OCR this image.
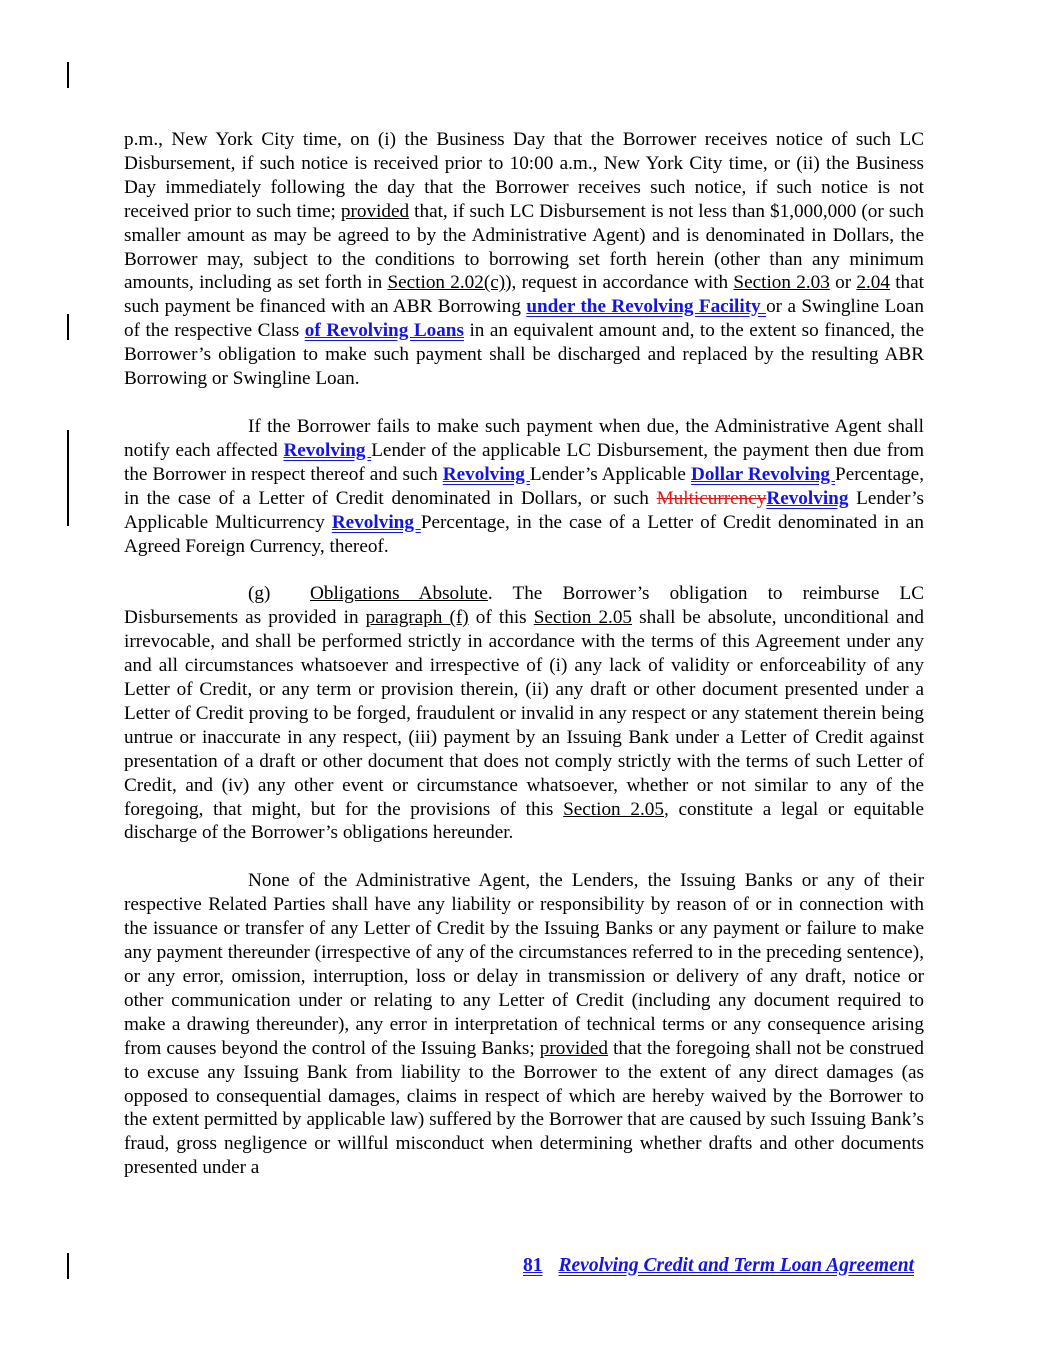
p.m., New York City time, on (i) the Business Day that the Borrower receives notice of such LC Disbursement, if such notice is received prior to 10:00 a.m., New York City time, or (ii) the Business Day immediately following the day that the Borrower receives such notice, if such notice is not received prior to such time; provided that, if such LC Disbursement is not less than $1,000,000 (or such smaller amount as may be agreed to by the Administrative Agent) and is denominated in Dollars, the Borrower may, subject to the conditions to borrowing set forth herein (other than any minimum amounts, including as set forth in Section 2.02(c)), request in accordance with Section 2.03 or 2.04 that such payment be financed with an ABR Borrowing under the Revolving Facility or a Swingline Loan of the respective Class of Revolving Loans in an equivalent amount and, to the extent so financed, the Borrower’s obligation to make such payment shall be discharged and replaced by the resulting ABR Borrowing or Swingline Loan.

If the Borrower fails to make such payment when due, the Administrative Agent shall notify each affected Revolving Lender of the applicable LC Disbursement, the payment then due from the Borrower in respect thereof and such Revolving Lender’s Applicable Dollar Revolving Percentage, in the case of a Letter of Credit denominated in Dollars, or such MulticurrencyRevolving Lender’s Applicable Multicurrency Revolving Percentage, in the case of a Letter of Credit denominated in an Agreed Foreign Currency, thereof.

(g) Obligations Absolute. The Borrower’s obligation to reimburse LC Disbursements as provided in paragraph (f) of this Section 2.05 shall be absolute, unconditional and irrevocable, and shall be performed strictly in accordance with the terms of this Agreement under any and all circumstances whatsoever and irrespective of (i) any lack of validity or enforceability of any Letter of Credit, or any term or provision therein, (ii) any draft or other document presented under a Letter of Credit proving to be forged, fraudulent or invalid in any respect or any statement therein being untrue or inaccurate in any respect, (iii) payment by an Issuing Bank under a Letter of Credit against presentation of a draft or other document that does not comply strictly with the terms of such Letter of Credit, and (iv) any other event or circumstance whatsoever, whether or not similar to any of the foregoing, that might, but for the provisions of this Section 2.05, constitute a legal or equitable discharge of the Borrower’s obligations hereunder.

None of the Administrative Agent, the Lenders, the Issuing Banks or any of their respective Related Parties shall have any liability or responsibility by reason of or in connection with the issuance or transfer of any Letter of Credit by the Issuing Banks or any payment or failure to make any payment thereunder (irrespective of any of the circumstances referred to in the preceding sentence), or any error, omission, interruption, loss or delay in transmission or delivery of any draft, notice or other communication under or relating to any Letter of Credit (including any document required to make a drawing thereunder), any error in interpretation of technical terms or any consequence arising from causes beyond the control of the Issuing Banks; provided that the foregoing shall not be construed to excuse any Issuing Bank from liability to the Borrower to the extent of any direct damages (as opposed to consequential damages, claims in respect of which are hereby waived by the Borrower to the extent permitted by applicable law) suffered by the Borrower that are caused by such Issuing Bank’s fraud, gross negligence or willful misconduct when determining whether drafts and other documents presented under a

81 Revolving Credit and Term Loan Agreement
